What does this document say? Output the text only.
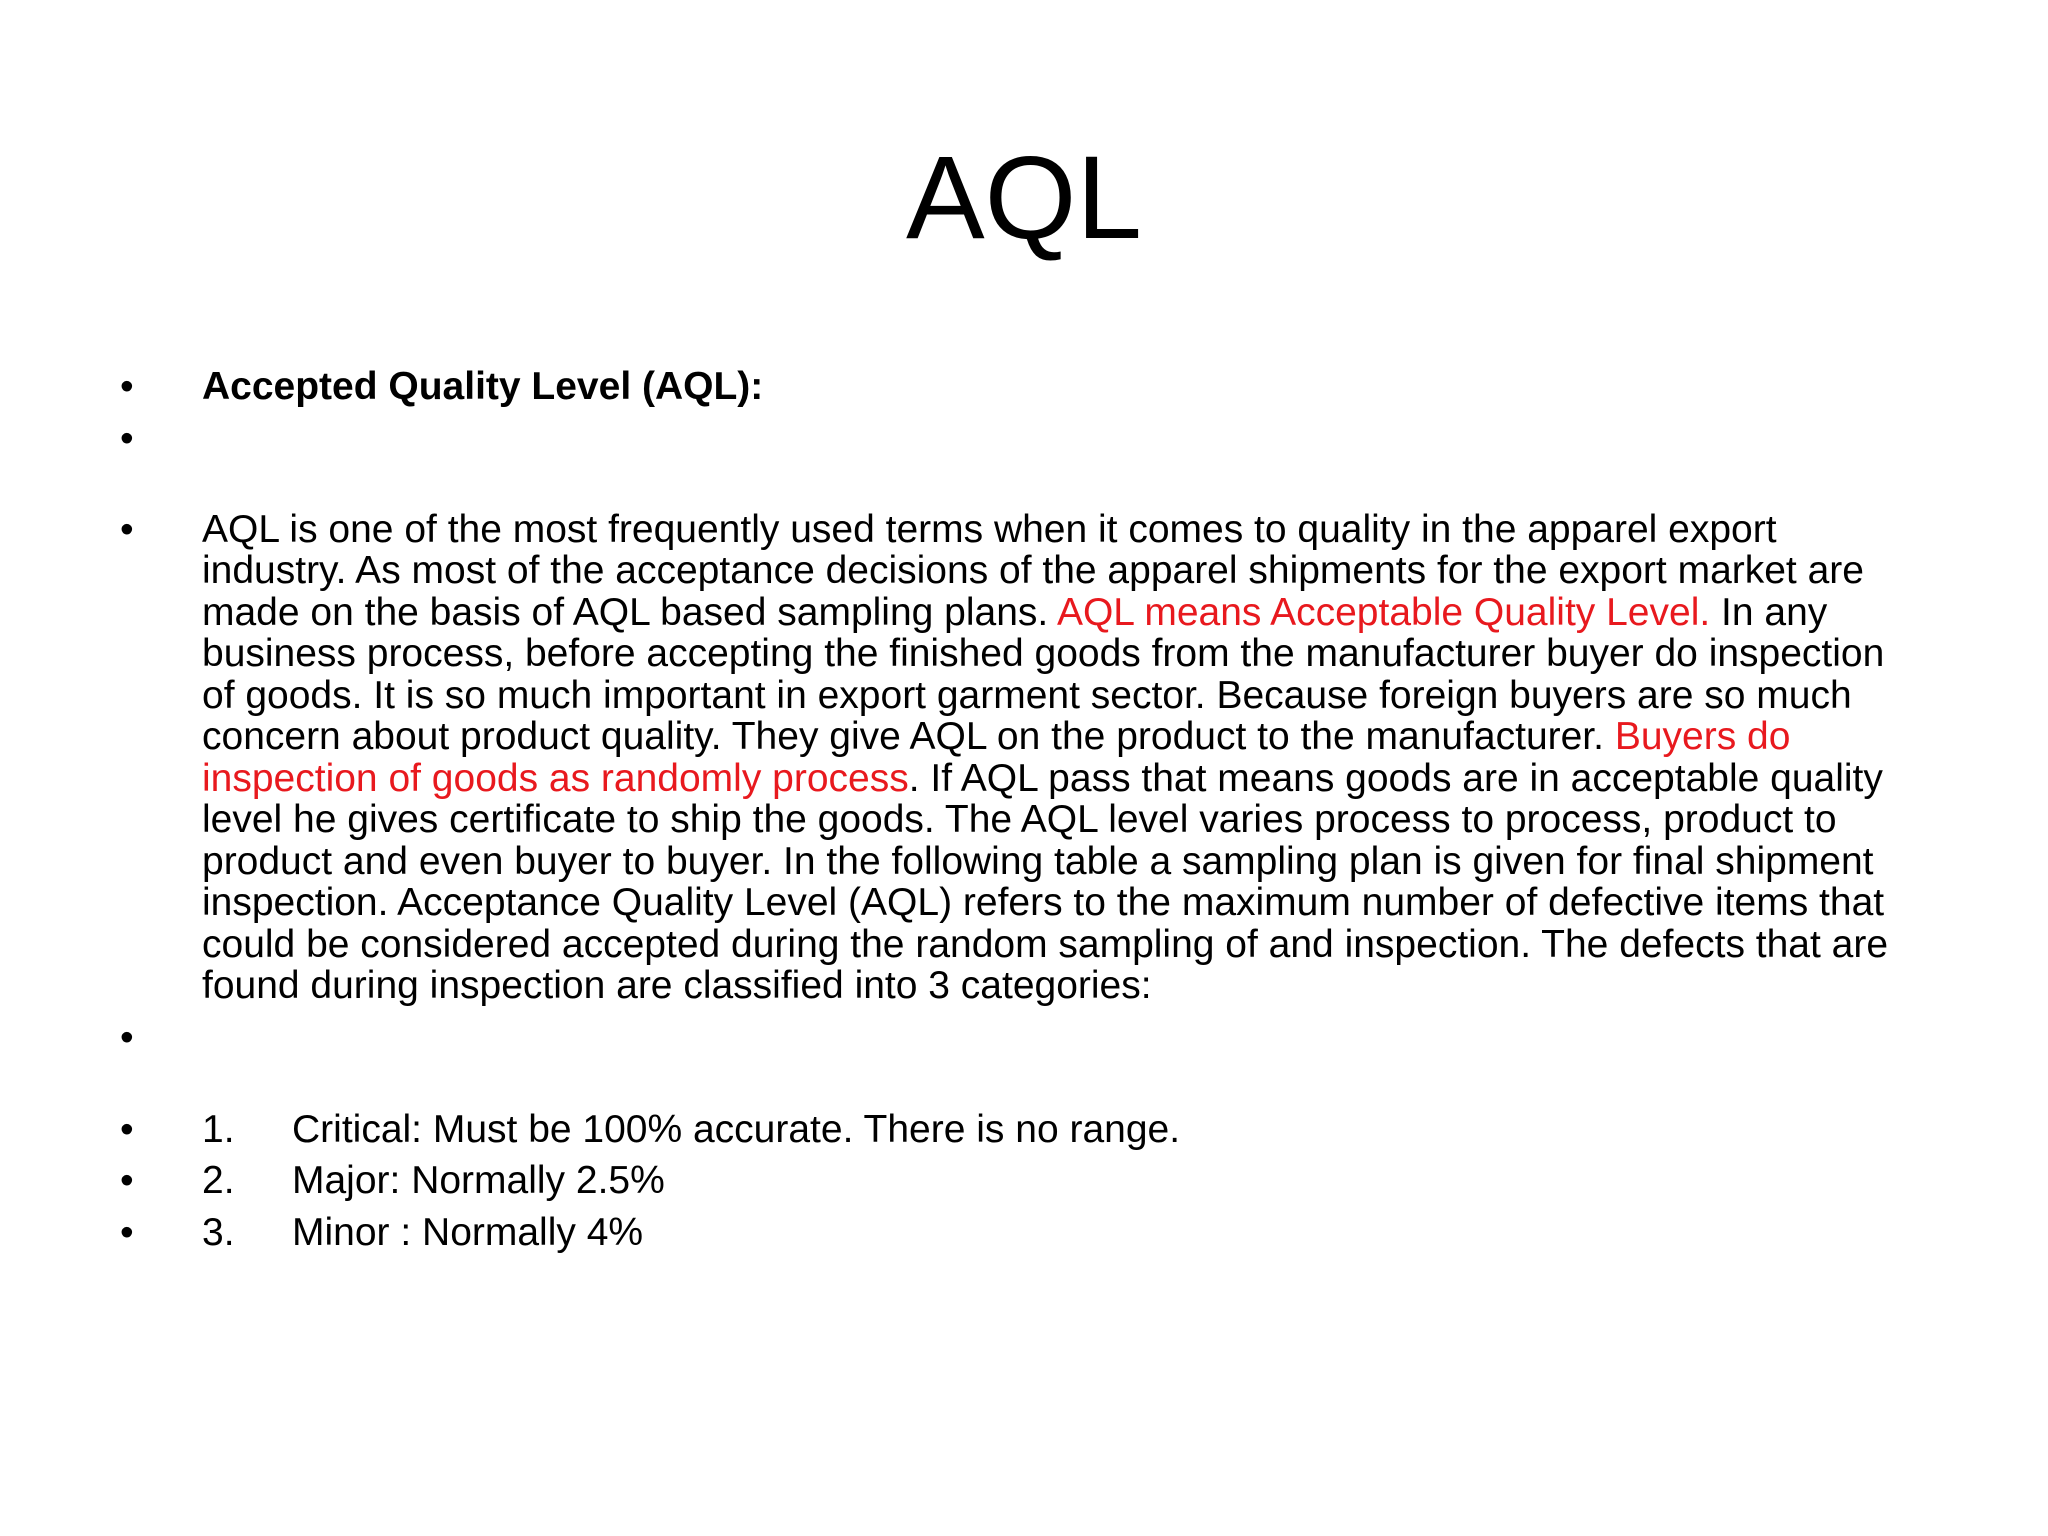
AQL
•	Accepted Quality Level (AQL):
•
•	AQL is one of the most frequently used terms when it comes to quality in the apparel export industry. As most of the acceptance decisions of the apparel shipments for the export market are made on the basis of AQL based sampling plans. AQL means Acceptable Quality Level. In any business process, before accepting the finished goods from the manufacturer buyer do inspection of goods. It is so much important in export garment sector. Because foreign buyers are so much concern about product quality. They give AQL on the product to the manufacturer. Buyers do inspection of goods as randomly process. If AQL pass that means goods are in acceptable quality level he gives certificate to ship the goods. The AQL level varies process to process, product to product and even buyer to buyer. In the following table a sampling plan is given for final shipment inspection. Acceptance Quality Level (AQL) refers to the maximum number of defective items that could be considered accepted during the random sampling of and inspection. The defects that are found during inspection are classified into 3 categories:
•
•	1. Critical: Must be 100% accurate. There is no range.
•	2. Major: Normally 2.5%
•	3. Minor : Normally 4%
